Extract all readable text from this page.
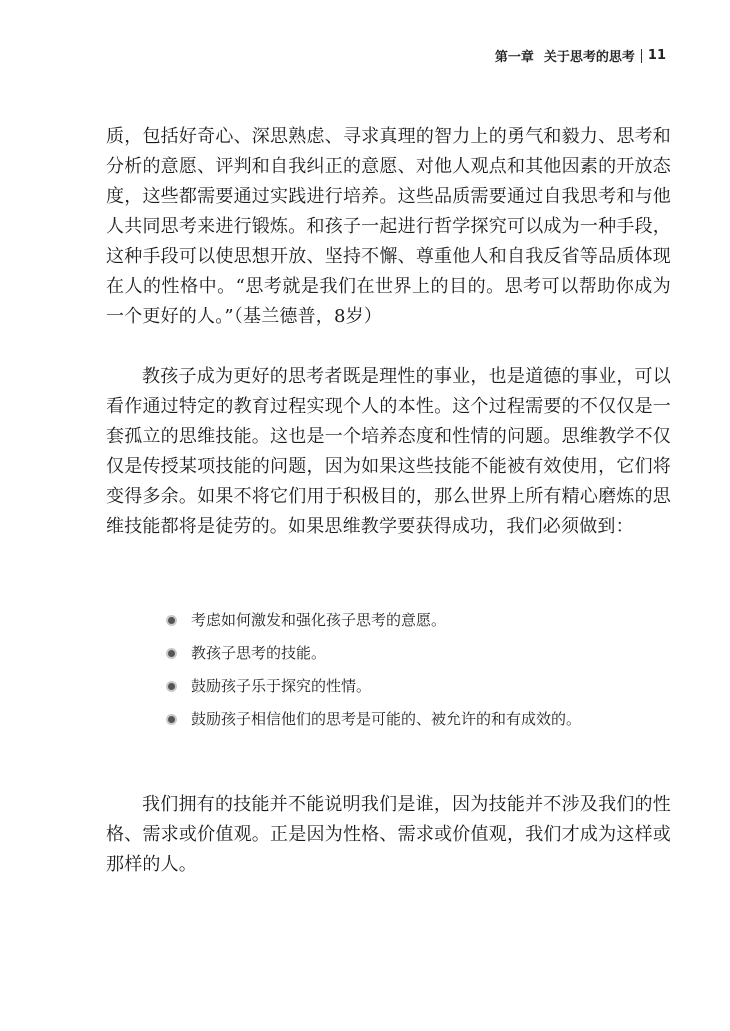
第一章 关于思考的思考 11

质，包括好奇心、深思熟虑、寻求真理的智力上的勇气和毅力、思考和分析的意愿、评判和自我纠正的意愿、对他人观点和其他因素的开放态度，这些都需要通过实践进行培养。这些品质需要通过自我思考和与他人共同思考来进行锻炼。和孩子一起进行哲学探究可以成为一种手段，这种手段可以使思想开放、坚持不懈、尊重他人和自我反省等品质体现在人的性格中。“思考就是我们在世界上的目的。思考可以帮助你成为一个更好的人。”（基兰德普，8岁）

教孩子成为更好的思考者既是理性的事业，也是道德的事业，可以看作通过特定的教育过程实现个人的本性。这个过程需要的不仅仅是一套孤立的思维技能。这也是一个培养态度和性情的问题。思维教学不仅仅是传授某项技能的问题，因为如果这些技能不能被有效使用，它们将变得多余。如果不将它们用于积极目的，那么世界上所有精心磨炼的思维技能都将是徒劳的。如果思维教学要获得成功，我们必须做到：

考虑如何激发和强化孩子思考的意愿。
教孩子思考的技能。
鼓励孩子乐于探究的性情。
鼓励孩子相信他们的思考是可能的、被允许的和有成效的。

我们拥有的技能并不能说明我们是谁，因为技能并不涉及我们的性格、需求或价值观。正是因为性格、需求或价值观，我们才成为这样或那样的人。
